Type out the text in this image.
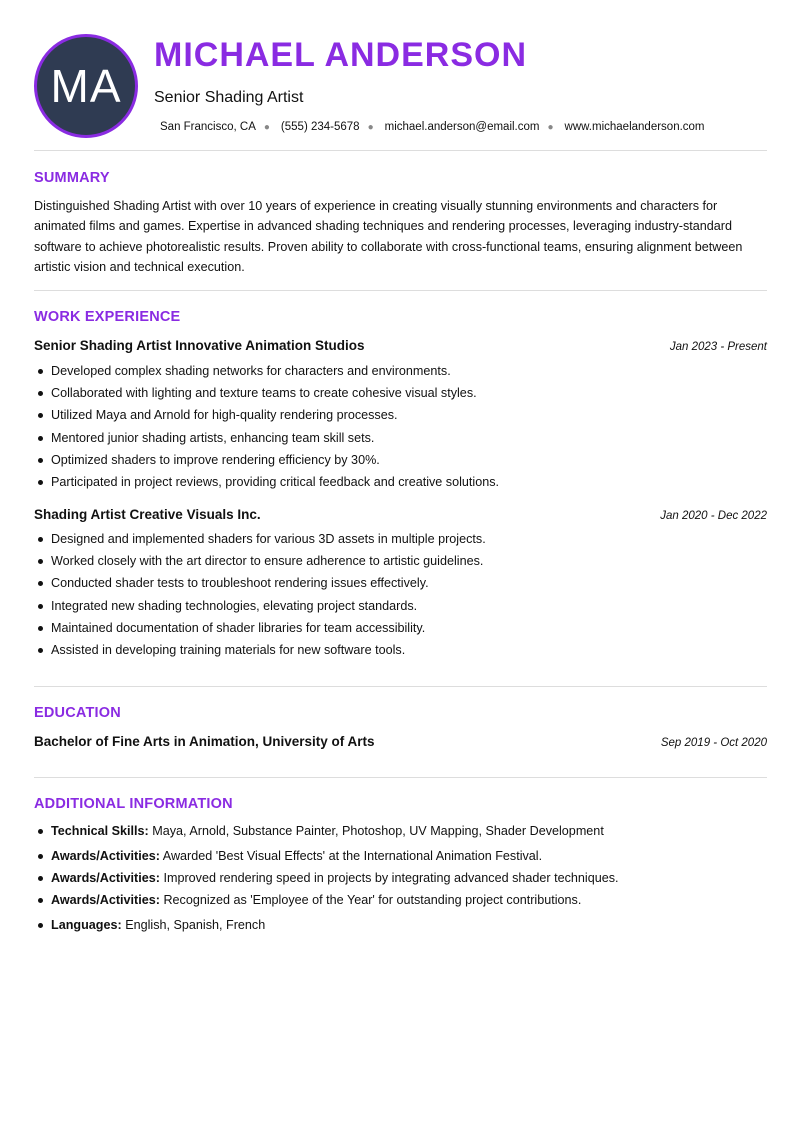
MA
MICHAEL ANDERSON
Senior Shading Artist
San Francisco, CA ● (555) 234-5678 ● michael.anderson@email.com ● www.michaelanderson.com
SUMMARY

Distinguished Shading Artist with over 10 years of experience in creating visually stunning environments and characters for animated films and games. Expertise in advanced shading techniques and rendering processes, leveraging industry-standard software to achieve photorealistic results. Proven ability to collaborate with cross-functional teams, ensuring alignment between artistic vision and technical execution.

WORK EXPERIENCE
Senior Shading Artist Innovative Animation Studios	Jan 2023 - Present
Developed complex shading networks for characters and environments.
Collaborated with lighting and texture teams to create cohesive visual styles.
Utilized Maya and Arnold for high-quality rendering processes.
Mentored junior shading artists, enhancing team skill sets.
Optimized shaders to improve rendering efficiency by 30%.
Participated in project reviews, providing critical feedback and creative solutions.
Shading Artist Creative Visuals Inc.	Jan 2020 - Dec 2022
Designed and implemented shaders for various 3D assets in multiple projects.
Worked closely with the art director to ensure adherence to artistic guidelines.
Conducted shader tests to troubleshoot rendering issues effectively.
Integrated new shading technologies, elevating project standards.
Maintained documentation of shader libraries for team accessibility.
Assisted in developing training materials for new software tools.
EDUCATION
Bachelor of Fine Arts in Animation, University of Arts	Sep 2019 - Oct 2020
ADDITIONAL INFORMATION
Technical Skills: Maya, Arnold, Substance Painter, Photoshop, UV Mapping, Shader Development
Awards/Activities: Awarded 'Best Visual Effects' at the International Animation Festival.
Awards/Activities: Improved rendering speed in projects by integrating advanced shader techniques.
Awards/Activities: Recognized as 'Employee of the Year' for outstanding project contributions.
Languages: English, Spanish, French
